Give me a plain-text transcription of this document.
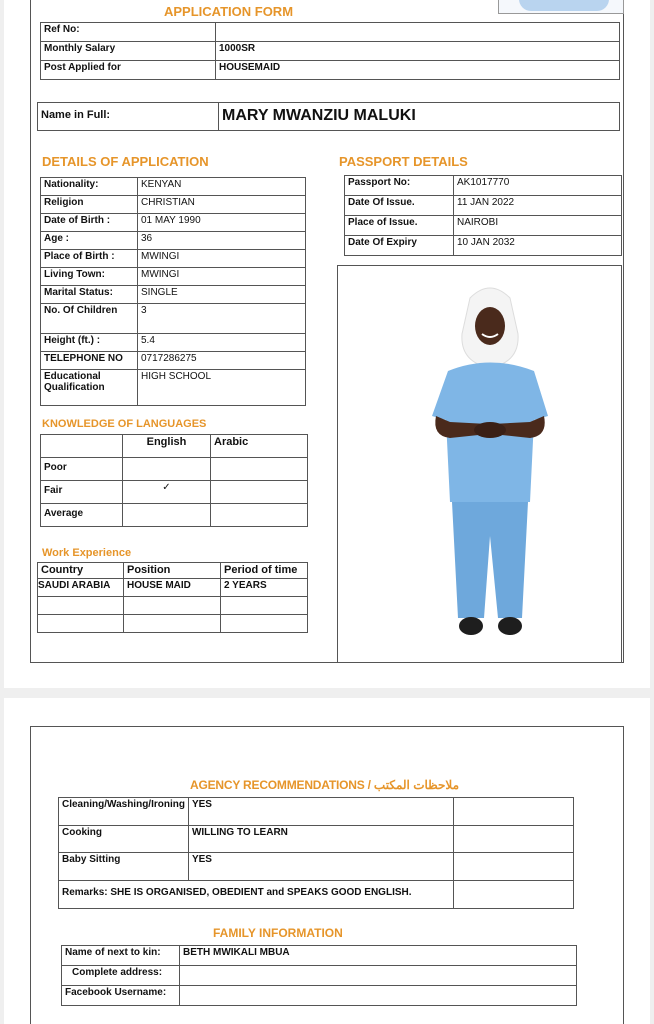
APPLICATION FORM
Ref No:	
Monthly Salary	1000SR
Post Applied for	HOUSEMAID
Name in Full:	MARY MWANZIU MALUKI
DETAILS OF APPLICATION	PASSPORT DETAILS
Nationality:	KENYAN
Religion	CHRISTIAN
Date of Birth :	01 MAY 1990
Age :	36
Place of Birth :	MWINGI
Living Town:	MWINGI
Marital Status:	SINGLE
No. Of Children	3
Height (ft.) :	5.4
TELEPHONE NO	0717286275
Educational Qualification	HIGH SCHOOL
Passport No:	AK1017770
Date Of Issue.	11 JAN 2022
Place of Issue.	NAIROBI
Date Of Expiry	10 JAN 2032
KNOWLEDGE OF LANGUAGES
	English	Arabic
Poor		
Fair	✓	
Average		
Work Experience
Country	Position	Period of time
SAUDI ARABIA	HOUSE MAID	2 YEARS

AGENCY RECOMMENDATIONS / ملاحظات المكتب
Cleaning/Washing/Ironing	YES	
Cooking	WILLING TO LEARN	
Baby Sitting	YES	
Remarks: SHE IS ORGANISED, OBEDIENT and SPEAKS GOOD ENGLISH.		
FAMILY INFORMATION
Name of next to kin:	BETH MWIKALI MBUA
Complete address:	
Facebook Username:	
